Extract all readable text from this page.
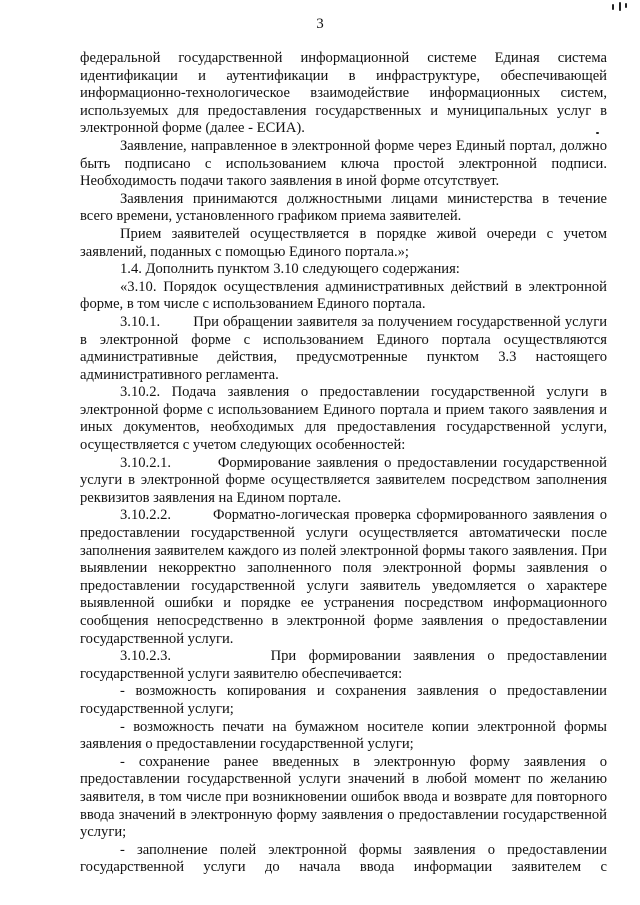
3

федеральной государственной информационной системе Единая система идентификации и аутентификации в инфраструктуре, обеспечивающей информационно-технологическое взаимодействие информационных систем, используемых для предоставления государственных и муниципальных услуг в электронной форме (далее - ЕСИА).

Заявление, направленное в электронной форме через Единый портал, должно быть подписано с использованием ключа простой электронной подписи. Необходимость подачи такого заявления в иной форме отсутствует.

Заявления принимаются должностными лицами министерства в течение всего времени, установленного графиком приема заявителей.

Прием заявителей осуществляется в порядке живой очереди с учетом заявлений, поданных с помощью Единого портала.»;

1.4. Дополнить пунктом 3.10 следующего содержания:

«3.10. Порядок осуществления административных действий в электронной форме, в том числе с использованием Единого портала.

3.10.1.        При обращении заявителя за получением государственной услуги в электронной форме с использованием Единого портала осуществляются административные действия, предусмотренные пунктом 3.3 настоящего административного регламента.

3.10.2. Подача заявления о предоставлении государственной услуги в электронной форме с использованием Единого портала и прием такого заявления и иных документов, необходимых для предоставления государственной услуги, осуществляется с учетом следующих особенностей:

3.10.2.1.        Формирование заявления о предоставлении государственной услуги в электронной форме осуществляется заявителем посредством заполнения реквизитов заявления на Едином портале.

3.10.2.2.        Форматно-логическая проверка сформированного заявления о предоставлении государственной услуги осуществляется автоматически после заполнения заявителем каждого из полей электронной формы такого заявления. При выявлении некорректно заполненного поля электронной формы заявления о предоставлении государственной услуги заявитель уведомляется о характере выявленной ошибки и порядке ее устранения посредством информационного сообщения непосредственно в электронной форме заявления о предоставлении государственной услуги.

3.10.2.3.        При формировании заявления о предоставлении государственной услуги заявителю обеспечивается:

- возможность копирования и сохранения заявления о предоставлении государственной услуги;

- возможность печати на бумажном носителе копии электронной формы заявления о предоставлении государственной услуги;

- сохранение ранее введенных в электронную форму заявления о предоставлении государственной услуги значений в любой момент по желанию заявителя, в том числе при возникновении ошибок ввода и возврате для повторного ввода значений в электронную форму заявления о предоставлении государственной услуги;

- заполнение полей электронной формы заявления о предоставлении государственной услуги до начала ввода информации заявителем с
